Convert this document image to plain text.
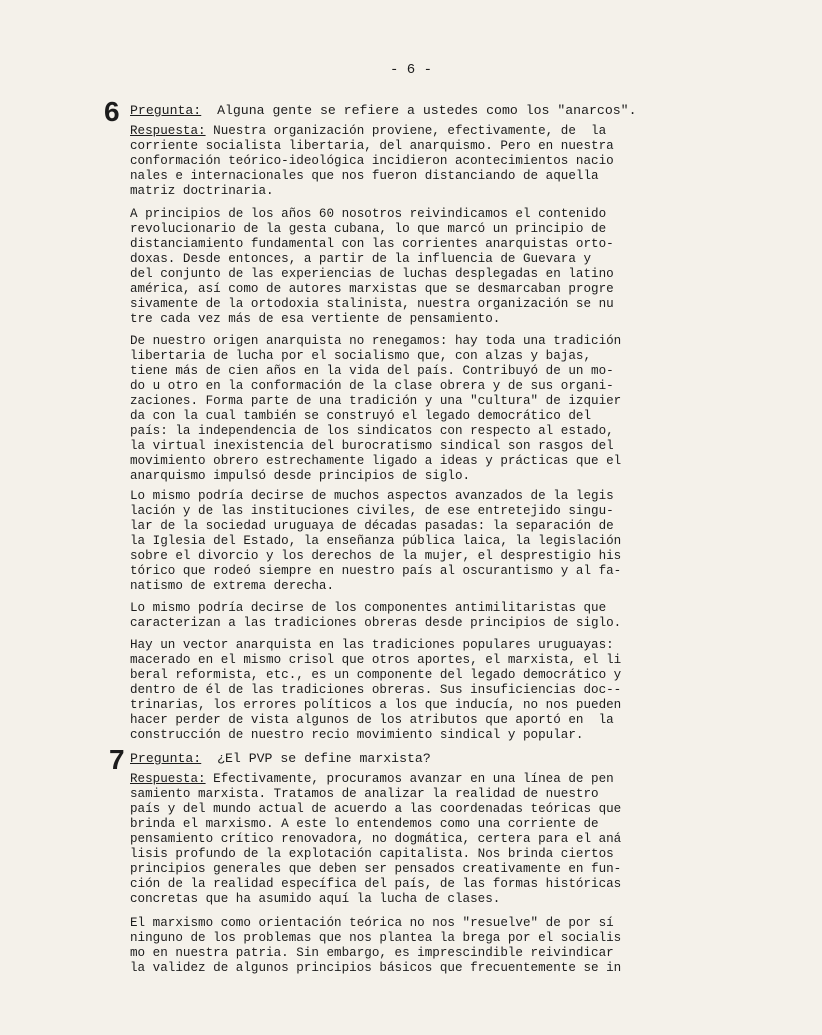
- 6 -
6 Pregunta: Alguna gente se refiere a ustedes como los "anarcos".
Respuesta: Nuestra organización proviene, efectivamente, de  la
corriente socialista libertaria, del anarquismo. Pero en nuestra
conformación teórico-ideológica incidieron acontecimientos nacio
nales e internacionales que nos fueron distanciando de aquella
matriz doctrinaria.
A principios de los años 60 nosotros reivindicamos el contenido
revolucionario de la gesta cubana, lo que marcó un principio de
distanciamiento fundamental con las corrientes anarquistas orto-
doxas. Desde entonces, a partir de la influencia de Guevara y
del conjunto de las experiencias de luchas desplegadas en latino
américa, así como de autores marxistas que se desmarcaban progre
sivamente de la ortodoxia stalinista, nuestra organización se nu
tre cada vez más de esa vertiente de pensamiento.
De nuestro origen anarquista no renegamos: hay toda una tradición
libertaria de lucha por el socialismo que, con alzas y bajas,
tiene más de cien años en la vida del país. Contribuyó de un mo-
do u otro en la conformación de la clase obrera y de sus organi-
zaciones. Forma parte de una tradición y una "cultura" de izquier
da con la cual también se construyó el legado democrático del
país: la independencia de los sindicatos con respecto al estado,
la virtual inexistencia del burocratismo sindical son rasgos del
movimiento obrero estrechamente ligado a ideas y prácticas que el
anarquismo impulsó desde principios de siglo.
Lo mismo podría decirse de muchos aspectos avanzados de la legis
lación y de las instituciones civiles, de ese entretejido singu-
lar de la sociedad uruguaya de décadas pasadas: la separación de
la Iglesia del Estado, la enseñanza pública laica, la legislación
sobre el divorcio y los derechos de la mujer, el desprestigio his
tórico que rodeó siempre en nuestro país al oscurantismo y al fa-
natismo de extrema derecha.
Lo mismo podría decirse de los componentes antimilitaristas que
caracterizan a las tradiciones obreras desde principios de siglo.
Hay un vector anarquista en las tradiciones populares uruguayas:
macerado en el mismo crisol que otros aportes, el marxista, el li
beral reformista, etc., es un componente del legado democrático y
dentro de él de las tradiciones obreras. Sus insuficiencias doc--
trinarias, los errores políticos a los que inducía, no nos pueden
hacer perder de vista algunos de los atributos que aportó en  la
construcción de nuestro recio movimiento sindical y popular.
7 Pregunta: ¿El PVP se define marxista?
Respuesta: Efectivamente, procuramos avanzar en una línea de pen
samiento marxista. Tratamos de analizar la realidad de nuestro
país y del mundo actual de acuerdo a las coordenadas teóricas que
brinda el marxismo. A este lo entendemos como una corriente de
pensamiento crítico renovadora, no dogmática, certera para el aná
lisis profundo de la explotación capitalista. Nos brinda ciertos
principios generales que deben ser pensados creativamente en fun-
ción de la realidad específica del país, de las formas históricas
concretas que ha asumido aquí la lucha de clases.
El marxismo como orientación teórica no nos "resuelve" de por sí
ninguno de los problemas que nos plantea la brega por el socialis
mo en nuestra patria. Sin embargo, es imprescindible reivindicar
la validez de algunos principios básicos que frecuentemente se in
